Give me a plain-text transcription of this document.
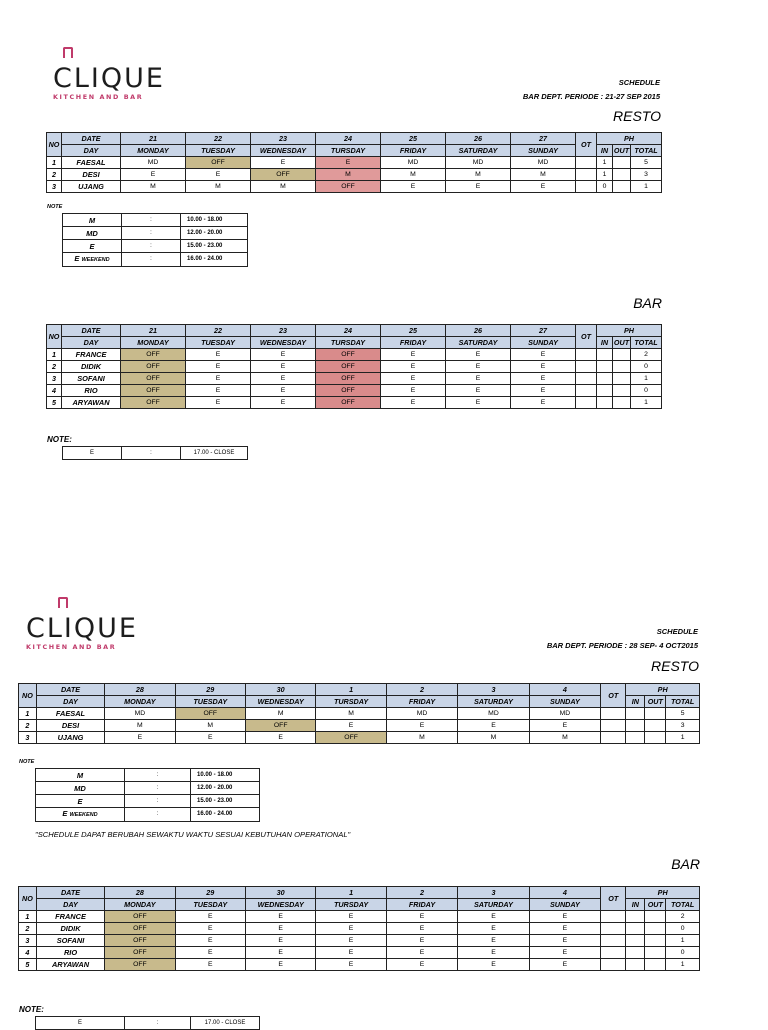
CLIQUE
KITCHEN AND BAR
SCHEDULE
BAR DEPT. PERIODE : 21-27 SEP 2015
RESTO
NO	DATE	21	22	23	24	25	26	27	OT	PH		
	DAY	MONDAY	TUESDAY	WEDNESDAY	TURSDAY	FRIDAY	SATURDAY	SUNDAY		IN	OUT	TOTAL
1	FAESAL	MD	OFF	E	E	MD	MD	MD		1		5
2	DESI	E	E	OFF	M	M	M	M		1		3
3	UJANG	M	M	M	OFF	E	E	E		0		1
NOTE
M	:	10.00 - 18.00
MD	:	12.00 - 20.00
E	:	15.00 - 23.00
E WEEKEND	:	16.00 - 24.00
BAR
NO	DATE	21	22	23	24	25	26	27	OT	PH		
	DAY	MONDAY	TUESDAY	WEDNESDAY	TURSDAY	FRIDAY	SATURDAY	SUNDAY		IN	OUT	TOTAL
1	FRANCE	OFF	E	E	OFF	E	E	E				2
2	DIDIK	OFF	E	E	OFF	E	E	E				0
3	SOFANI	OFF	E	E	OFF	E	E	E				1
4	RIO	OFF	E	E	OFF	E	E	E				0
5	ARYAWAN	OFF	E	E	OFF	E	E	E				1
NOTE:
E	:	17.00 - CLOSE
CLIQUE
KITCHEN AND BAR
SCHEDULE
BAR DEPT. PERIODE : 28 SEP- 4 OCT2015
RESTO
NO	DATE	28	29	30	1	2	3	4	OT	PH		
	DAY	MONDAY	TUESDAY	WEDNESDAY	TURSDAY	FRIDAY	SATURDAY	SUNDAY		IN	OUT	TOTAL
1	FAESAL	MD	OFF	M	M	MD	MD	MD				5
2	DESI	M	M	OFF	E	E	E	E				3
3	UJANG	E	E	E	OFF	M	M	M				1
NOTE
M	:	10.00 - 18.00
MD	:	12.00 - 20.00
E	:	15.00 - 23.00
E WEEKEND	:	16.00 - 24.00
"SCHEDULE DAPAT BERUBAH SEWAKTU WAKTU SESUAI KEBUTUHAN OPERATIONAL"
BAR
NO	DATE	28	29	30	1	2	3	4	OT	PH		
	DAY	MONDAY	TUESDAY	WEDNESDAY	TURSDAY	FRIDAY	SATURDAY	SUNDAY		IN	OUT	TOTAL
1	FRANCE	OFF	E	E	E	E	E	E				2
2	DIDIK	OFF	E	E	E	E	E	E				0
3	SOFANI	OFF	E	E	E	E	E	E				1
4	RIO	OFF	E	E	E	E	E	E				0
5	ARYAWAN	OFF	E	E	E	E	E	E				1
NOTE:
E	:	17.00 - CLOSE
